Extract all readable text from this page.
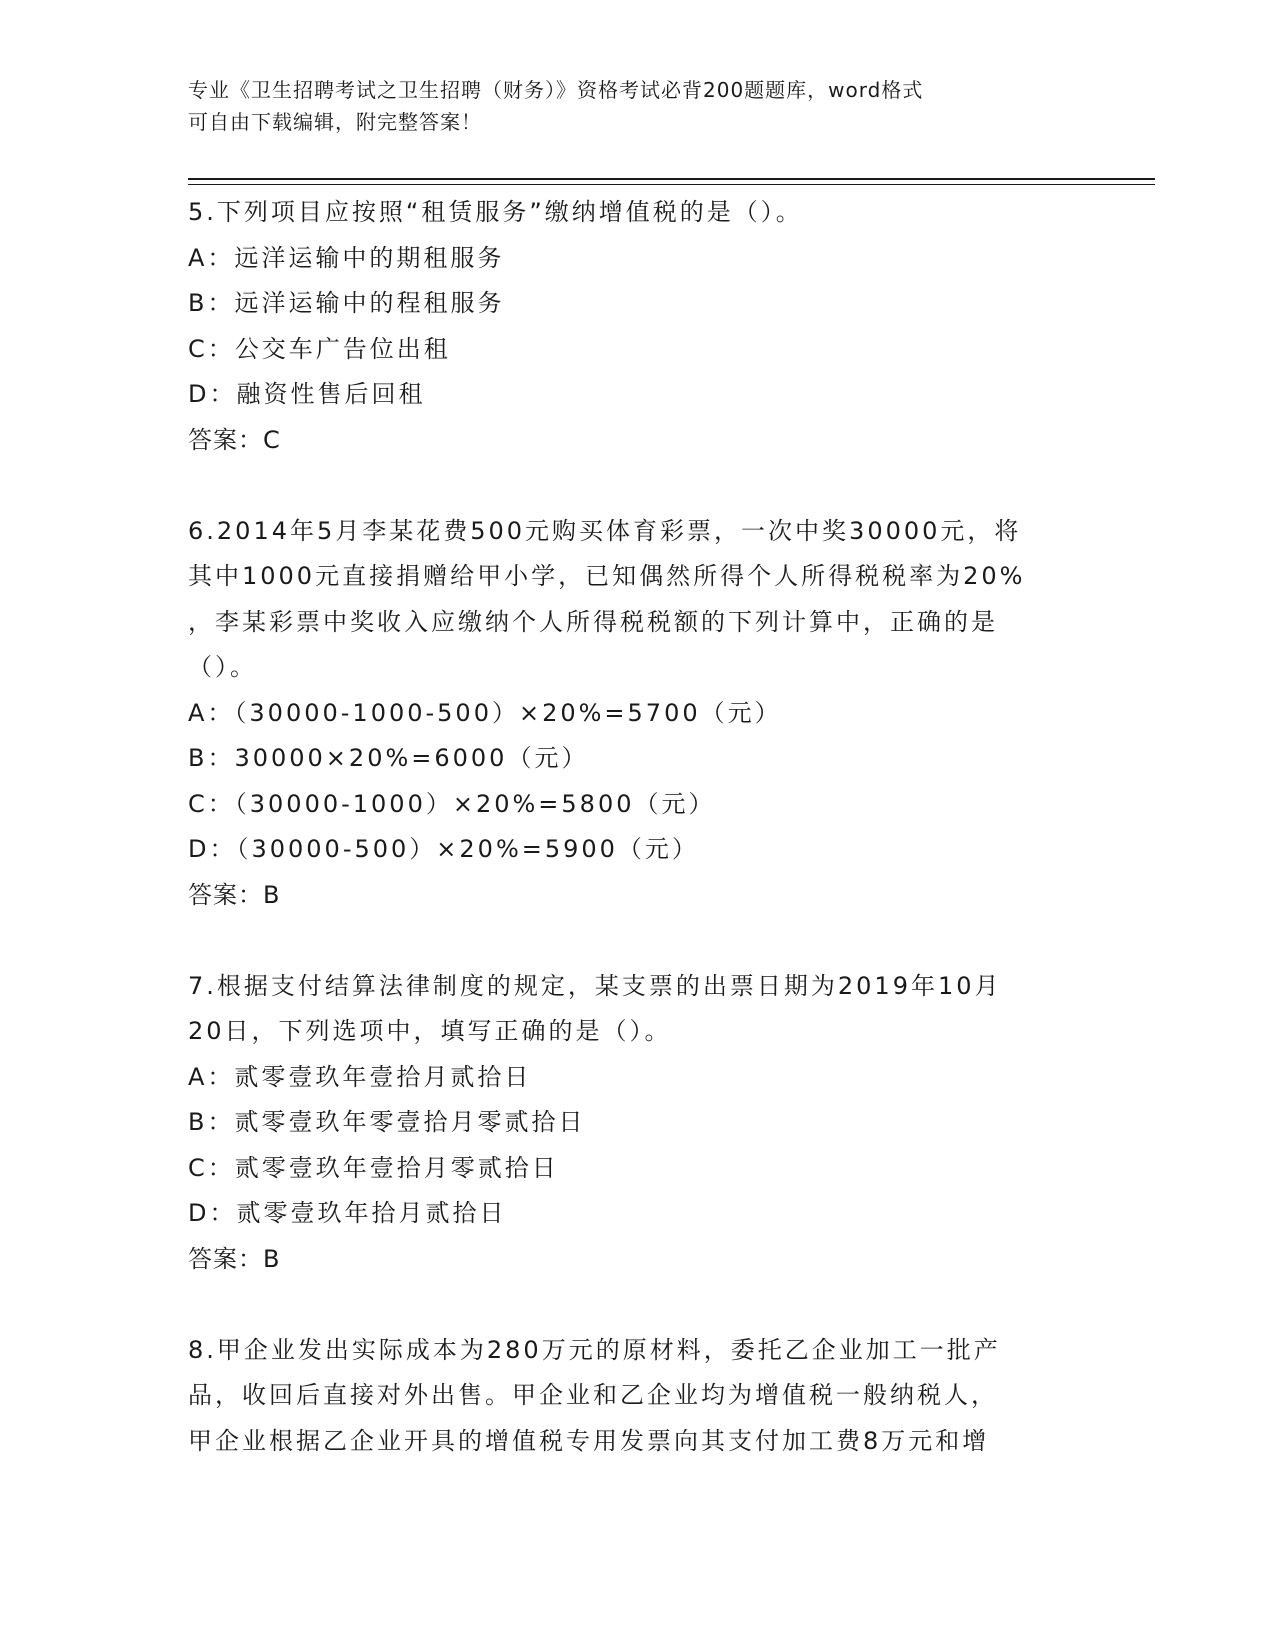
专业《卫生招聘考试之卫生招聘（财务）》资格考试必背200题题库，word格式
可自由下载编辑，附完整答案！
5.下列项目应按照“租赁服务”缴纳增值税的是（）。
A：远洋运输中的期租服务
B：远洋运输中的程租服务
C：公交车广告位出租
D：融资性售后回租
答案：C
6.2014年5月李某花费500元购买体育彩票，一次中奖30000元，将
其中1000元直接捐赠给甲小学，已知偶然所得个人所得税税率为20%
，李某彩票中奖收入应缴纳个人所得税税额的下列计算中，正确的是
（）。
A：（30000-1000-500）×20%=5700（元）
B：30000×20%=6000（元）
C：（30000-1000）×20%=5800（元）
D：（30000-500）×20%=5900（元）
答案：B
7.根据支付结算法律制度的规定，某支票的出票日期为2019年10月
20日，下列选项中，填写正确的是（）。
A：贰零壹玖年壹拾月贰拾日
B：贰零壹玖年零壹拾月零贰拾日
C：贰零壹玖年壹拾月零贰拾日
D：贰零壹玖年拾月贰拾日
答案：B
8.甲企业发出实际成本为280万元的原材料，委托乙企业加工一批产
品，收回后直接对外出售。甲企业和乙企业均为增值税一般纳税人，
甲企业根据乙企业开具的增值税专用发票向其支付加工费8万元和增
